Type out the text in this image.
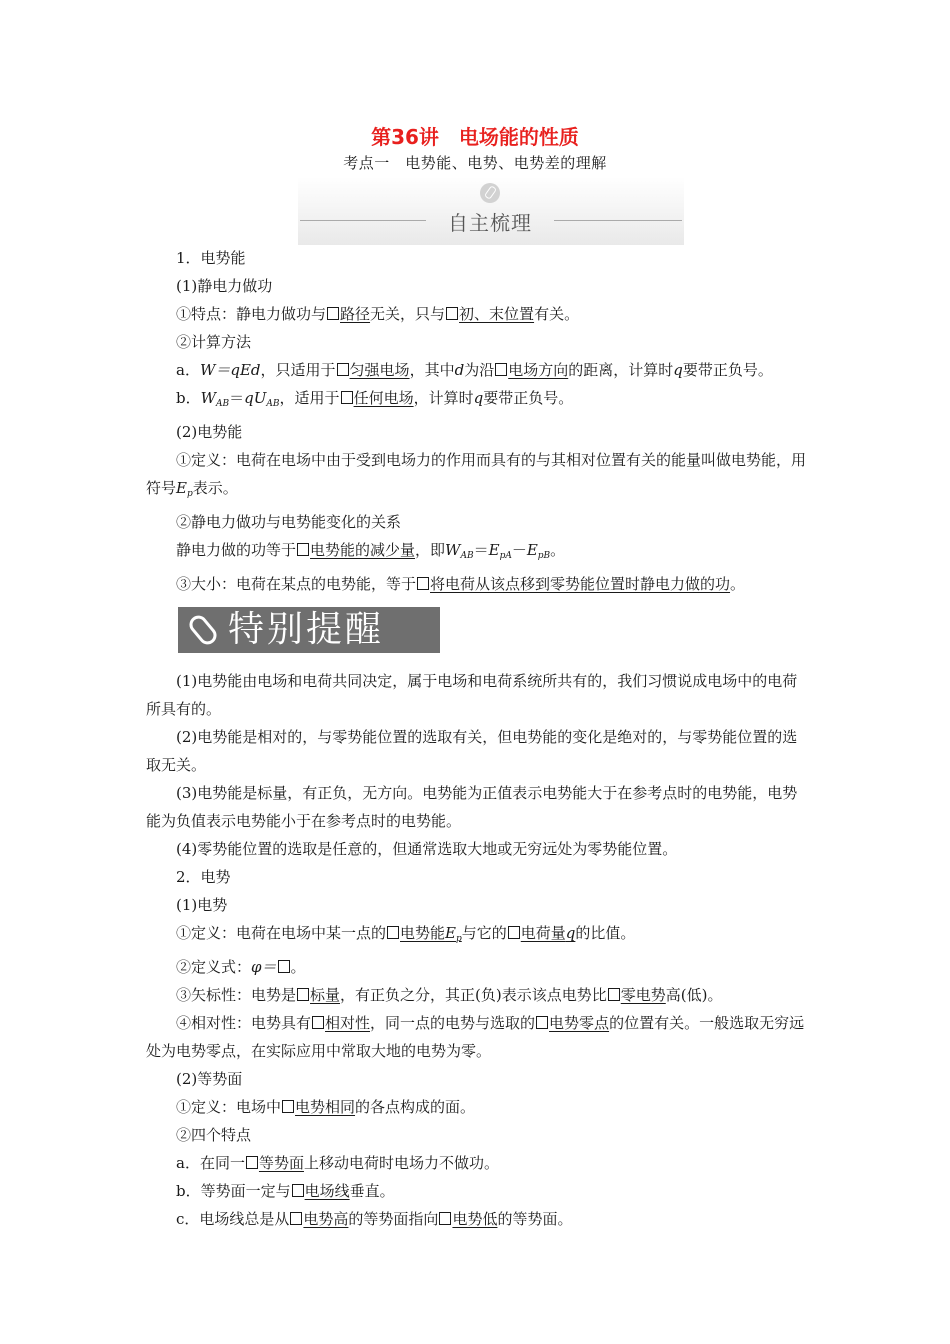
第36讲　电场能的性质
考点一　电势能、电势、电势差的理解
自主梳理

1．电势能

(1)静电力做功

①特点：静电力做功与 路径无关，只与 初、末位置有关。

②计算方法

a．W＝qEd，只适用于 匀强电场，其中d为沿 电场方向的距离，计算时q要带正负号。

b．$W_{AB}=qU_{AB}$，适用于 任何电场，计算时q要带正负号。

(2)电势能

①定义：电荷在电场中由于受到电场力的作用而具有的与其相对位置有关的能量叫做电势能，用符号$E_p$表示。

②静电力做功与电势能变化的关系

静电力做的功等于 电势能的减少量，即$W_{AB}=E_{pA}-E_{pB}$。

③大小：电荷在某点的电势能，等于 将电荷从该点移到零势能位置时静电力做的功。

特别提醒

(1)电势能由电场和电荷共同决定，属于电场和电荷系统所共有的，我们习惯说成电场中的电荷所具有的。

(2)电势能是相对的，与零势能位置的选取有关，但电势能的变化是绝对的，与零势能位置的选取无关。

(3)电势能是标量，有正负，无方向。电势能为正值表示电势能大于在参考点时的电势能，电势能为负值表示电势能小于在参考点时的电势能。

(4)零势能位置的选取是任意的，但通常选取大地或无穷远处为零势能位置。

2．电势

(1)电势

①定义：电荷在电场中某一点的 电势能$E_p$与它的 电荷量q的比值。

②定义式：φ＝ 。

③矢标性：电势是 标量，有正负之分，其正(负)表示该点电势比 零电势高(低)。

④相对性：电势具有 相对性，同一点的电势与选取的 电势零点的位置有关。一般选取无穷远处为电势零点，在实际应用中常取大地的电势为零。

(2)等势面

①定义：电场中 电势相同的各点构成的面。

②四个特点

a．在同一 等势面上移动电荷时电场力不做功。

b．等势面一定与 电场线垂直。

c．电场线总是从 电势高的等势面指向 电势低的等势面。
